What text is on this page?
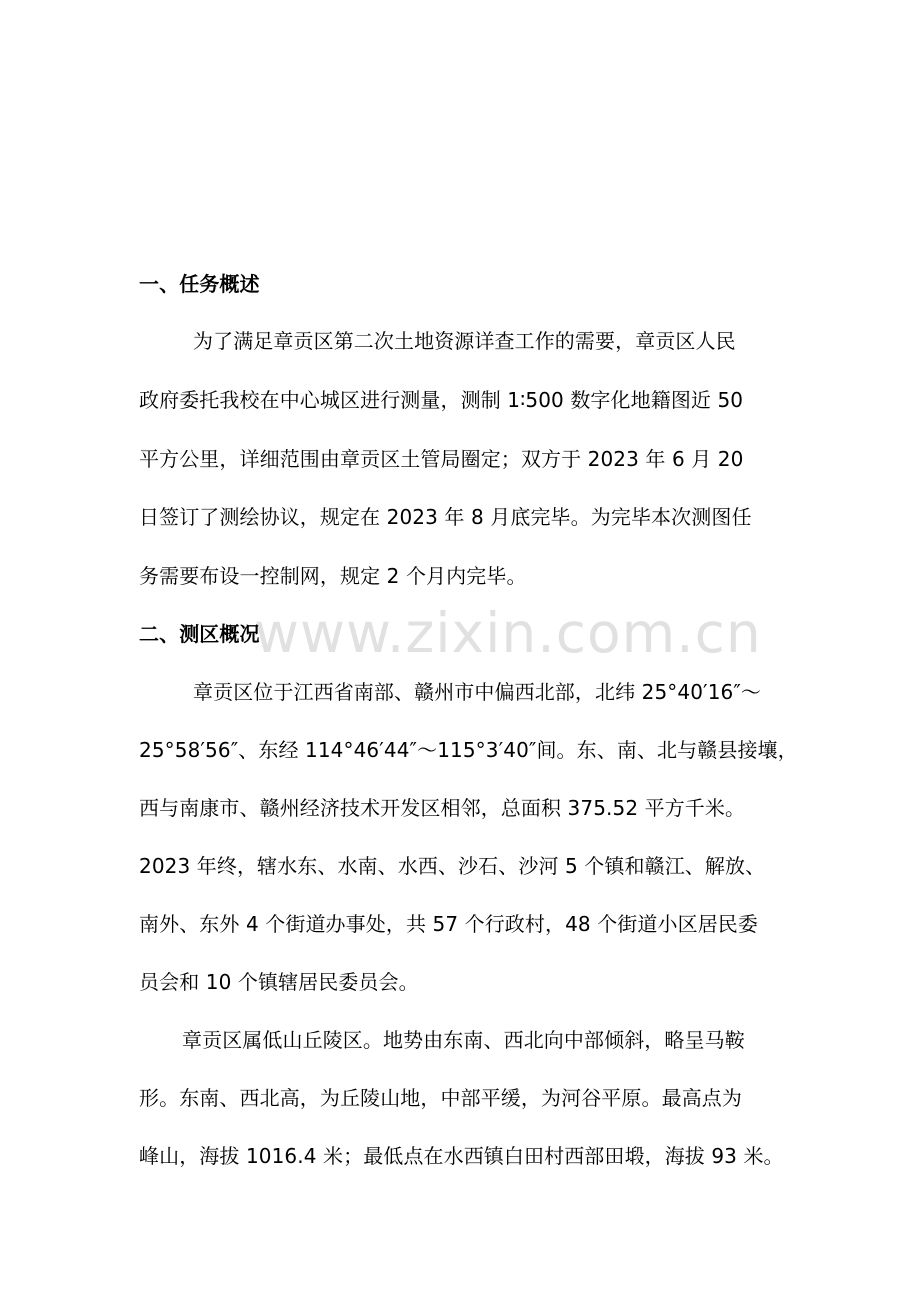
www.zixin.com.cn
一、任务概述
为了满足章贡区第二次土地资源详查工作的需要，章贡区人民
政府委托我校在中心城区进行测量，测制 1∶500 数字化地籍图近 50
平方公里，详细范围由章贡区土管局圈定；双方于 2023 年 6 月 20
日签订了测绘协议，规定在 2023 年 8 月底完毕。为完毕本次测图任
务需要布设一控制网，规定 2 个月内完毕。
二、测区概况
章贡区位于江西省南部、赣州市中偏西北部，北纬 25°40′16″～
25°58′56″、东经 114°46′44″～115°3′40″间。东、南、北与赣县接壤，
西与南康市、赣州经济技术开发区相邻，总面积 375.52 平方千米。
2023 年终，辖水东、水南、水西、沙石、沙河 5 个镇和赣江、解放、
南外、东外 4 个街道办事处，共 57 个行政村，48 个街道小区居民委
员会和 10 个镇辖居民委员会。
章贡区属低山丘陵区。地势由东南、西北向中部倾斜，略呈马鞍
形。东南、西北高，为丘陵山地，中部平缓，为河谷平原。最高点为
峰山，海拔 1016.4 米；最低点在水西镇白田村西部田塅，海拔 93 米。
